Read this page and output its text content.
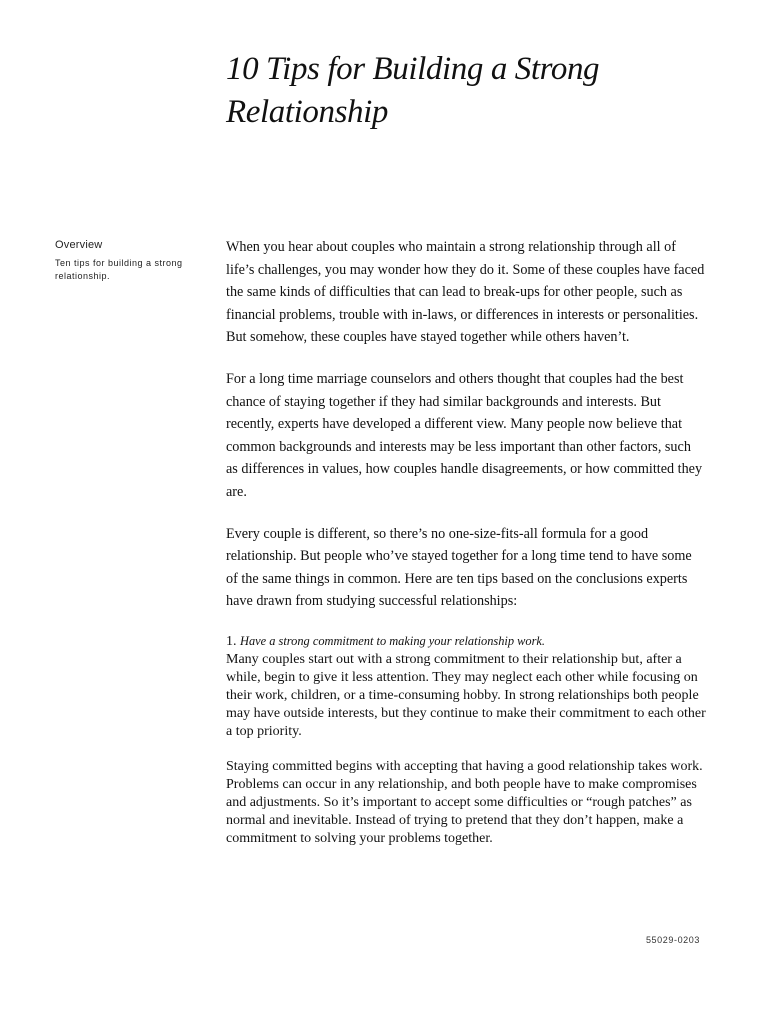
10 Tips for Building a Strong Relationship

Overview

Ten tips for building a strong relationship.

When you hear about couples who maintain a strong relationship through all of life’s challenges, you may wonder how they do it. Some of these couples have faced the same kinds of difficulties that can lead to break-ups for other people, such as financial problems, trouble with in-laws, or differences in interests or personalities. But somehow, these couples have stayed together while others haven’t.

For a long time marriage counselors and others thought that couples had the best chance of staying together if they had similar backgrounds and interests. But recently, experts have developed a different view. Many people now believe that common backgrounds and interests may be less important than other factors, such as differences in values, how couples handle disagreements, or how committed they are.

Every couple is different, so there’s no one-size-fits-all formula for a good relationship. But people who’ve stayed together for a long time tend to have some of the same things in common. Here are ten tips based on the conclusions experts have drawn from studying successful relationships:

1. Have a strong commitment to making your relationship work.

Many couples start out with a strong commitment to their relationship but, after a while, begin to give it less attention. They may neglect each other while focusing on their work, children, or a time-consuming hobby. In strong relationships both people may have outside interests, but they continue to make their commitment to each other a top priority.

Staying committed begins with accepting that having a good relationship takes work. Problems can occur in any relationship, and both people have to make compromises and adjustments. So it’s important to accept some difficulties or “rough patches” as normal and inevitable. Instead of trying to pretend that they don’t happen, make a commitment to solving your problems together.

55029-0203
